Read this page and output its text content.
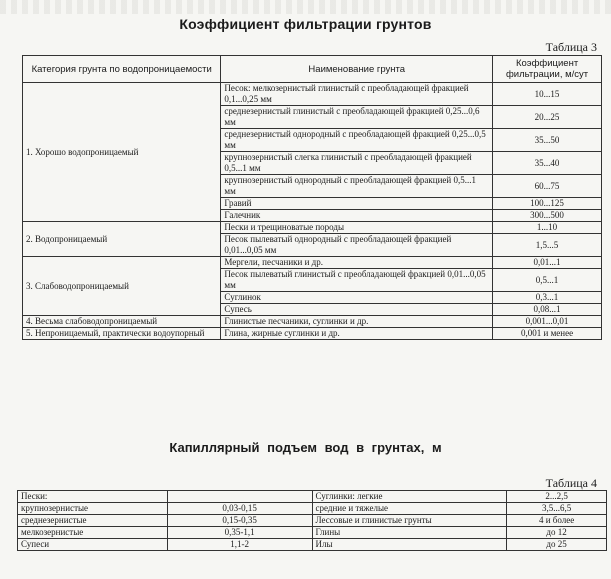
Коэффициент фильтрации грунтов
Таблица 3
Категория грунта по водопроницаемости	Наименование грунта	Коэффициент фильтрации, м/сут
1. Хорошо водопроницаемый	Песок: мелкозернистый глинистый с преобладающей фракцией 0,1...0,25 мм	10...15
	среднезернистый глинистый с преобладающей фракцией 0,25...0,6 мм	20...25
	среднезернистый однородный с преобладающей фракцией 0,25...0,5 мм	35...50
	крупнозернистый слегка глинистый с преобладающей фракцией 0,5...1 мм	35...40
	крупнозернистый однородный с преобладающей фракцией 0,5...1 мм	60...75
	Гравий	100...125
	Галечник	300...500
2. Водопроницаемый	Пески и трещиноватые породы	1...10
	Песок пылеватый однородный с преобладающей фракцией 0,01...0,05 мм	1,5...5
3. Слабоводопроницаемый	Мергели, песчаники и др.	0,01...1
	Песок пылеватый глинистый с преобладающей фракцией 0,01...0,05 мм	0,5...1
	Суглинок	0,3...1
	Супесь	0,08...1
4. Весьма слабоводопроницаемый	Глинистые песчаники, суглинки и др.	0,001...0,01
5. Непроницаемый, практически водоупорный	Глина, жирные суглинки и др.	0,001 и менее
Капиллярный подъем вод в грунтах, м
Таблица 4
Пески:		Суглинки: легкие	2...2,5
крупнозернистые	0,03-0,15	средние и тяжелые	3,5...6,5
среднезернистые	0,15-0,35	Лессовые и глинистые грунты	4 и более
мелкозернистые	0,35-1,1	Глины	до 12
Супеси	1,1-2	Илы	до 25
